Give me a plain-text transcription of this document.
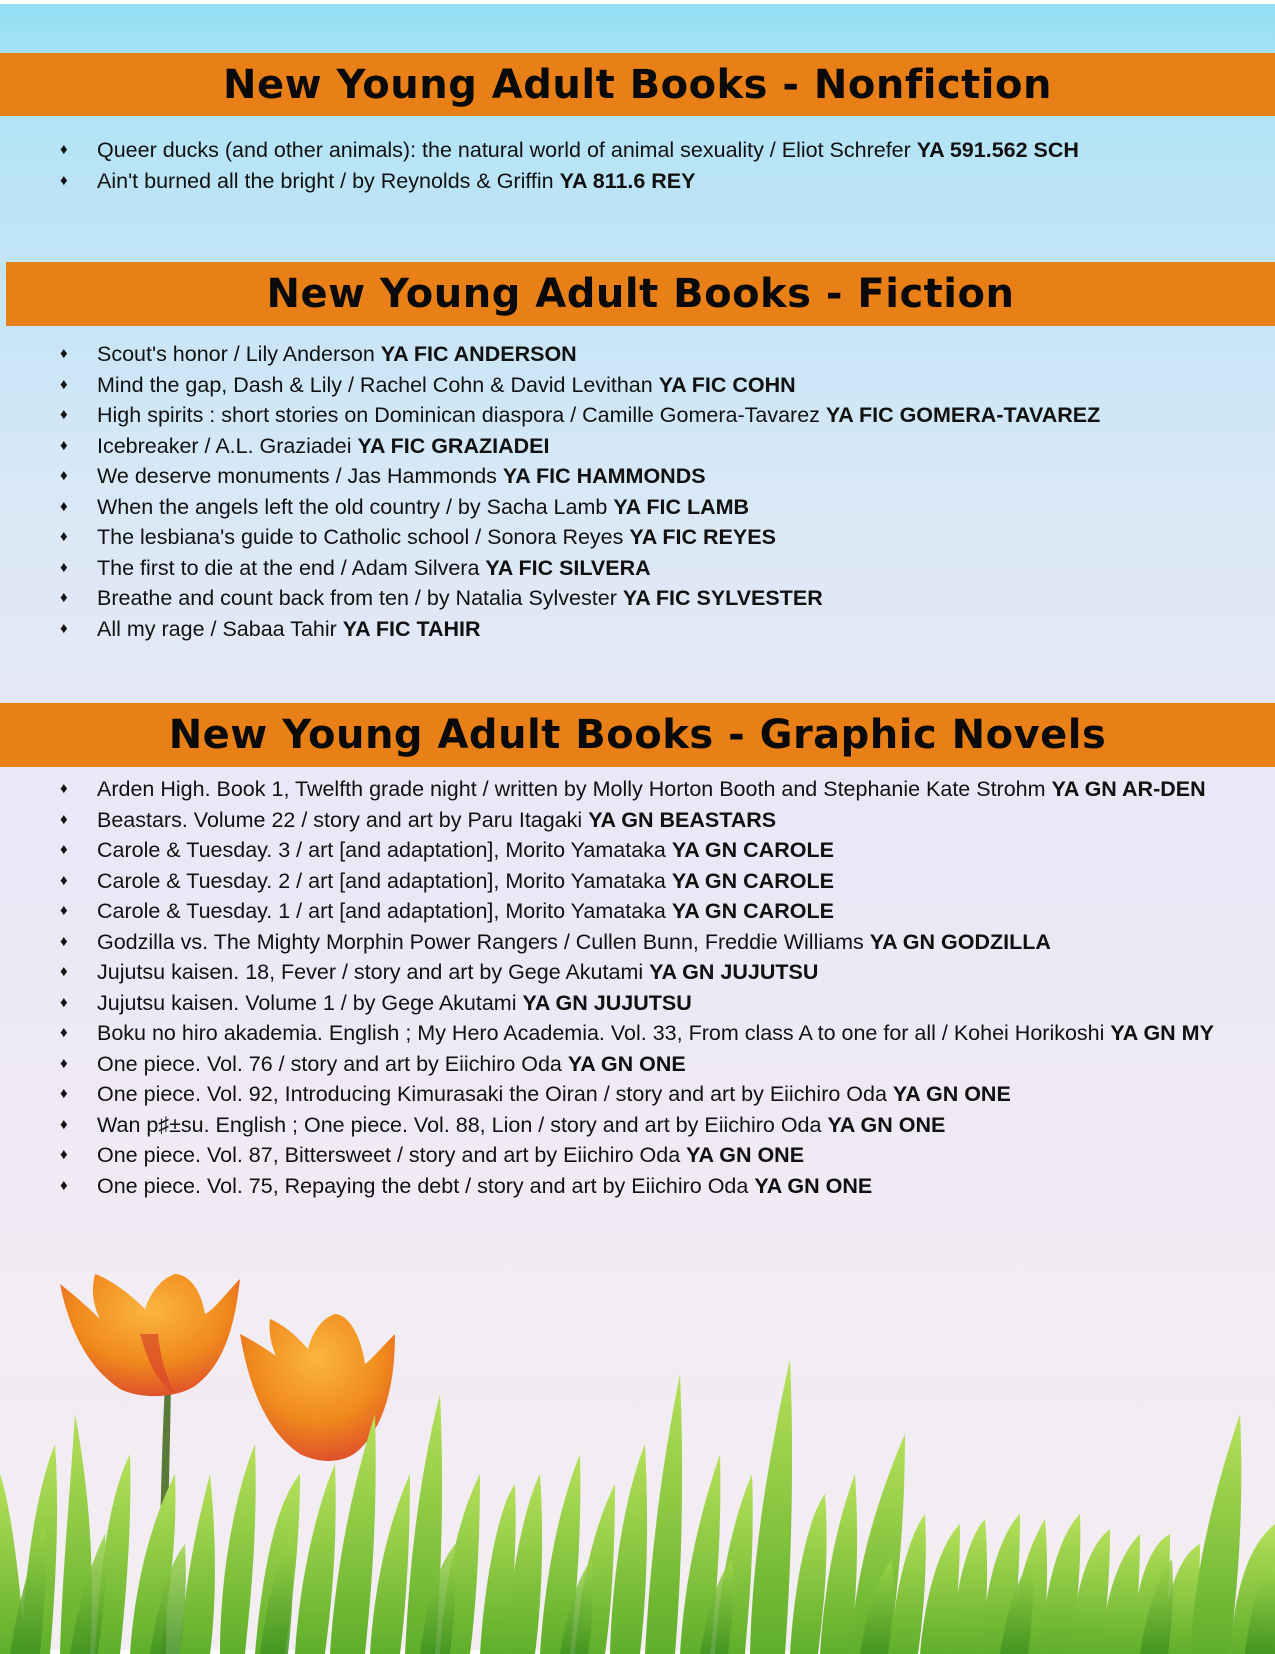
New Young Adult Books - Nonfiction
♦ Queer ducks (and other animals): the natural world of animal sexuality / Eliot Schrefer YA 591.562 SCH
♦ Ain't burned all the bright / by Reynolds & Griffin YA 811.6 REY
New Young Adult Books - Fiction
♦ Scout's honor / Lily Anderson YA FIC ANDERSON
♦ Mind the gap, Dash & Lily / Rachel Cohn & David Levithan YA FIC COHN
♦ High spirits : short stories on Dominican diaspora / Camille Gomera-Tavarez YA FIC GOMERA-TAVAREZ
♦ Icebreaker / A.L. Graziadei YA FIC GRAZIADEI
♦ We deserve monuments / Jas Hammonds YA FIC HAMMONDS
♦ When the angels left the old country / by Sacha Lamb YA FIC LAMB
♦ The lesbiana's guide to Catholic school / Sonora Reyes YA FIC REYES
♦ The first to die at the end / Adam Silvera YA FIC SILVERA
♦ Breathe and count back from ten / by Natalia Sylvester YA FIC SYLVESTER
♦ All my rage / Sabaa Tahir YA FIC TAHIR
New Young Adult Books - Graphic Novels
♦ Arden High. Book 1, Twelfth grade night / written by Molly Horton Booth and Stephanie Kate Strohm YA GN AR-DEN
♦ Beastars. Volume 22 / story and art by Paru Itagaki YA GN BEASTARS
♦ Carole & Tuesday. 3 / art [and adaptation], Morito Yamataka YA GN CAROLE
♦ Carole & Tuesday. 2 / art [and adaptation], Morito Yamataka YA GN CAROLE
♦ Carole & Tuesday. 1 / art [and adaptation], Morito Yamataka YA GN CAROLE
♦ Godzilla vs. The Mighty Morphin Power Rangers / Cullen Bunn, Freddie Williams YA GN GODZILLA
♦ Jujutsu kaisen. 18, Fever / story and art by Gege Akutami YA GN JUJUTSU
♦ Jujutsu kaisen. Volume 1 / by Gege Akutami YA GN JUJUTSU
♦ Boku no hiro akademia. English ; My Hero Academia. Vol. 33, From class A to one for all / Kohei Horikoshi YA GN MY
♦ One piece. Vol. 76 / story and art by Eiichiro Oda YA GN ONE
♦ One piece. Vol. 92, Introducing Kimurasaki the Oiran / story and art by Eiichiro Oda YA GN ONE
♦ Wan p♯±su. English ; One piece. Vol. 88, Lion / story and art by Eiichiro Oda YA GN ONE
♦ One piece. Vol. 87, Bittersweet / story and art by Eiichiro Oda YA GN ONE
♦ One piece. Vol. 75, Repaying the debt / story and art by Eiichiro Oda YA GN ONE
